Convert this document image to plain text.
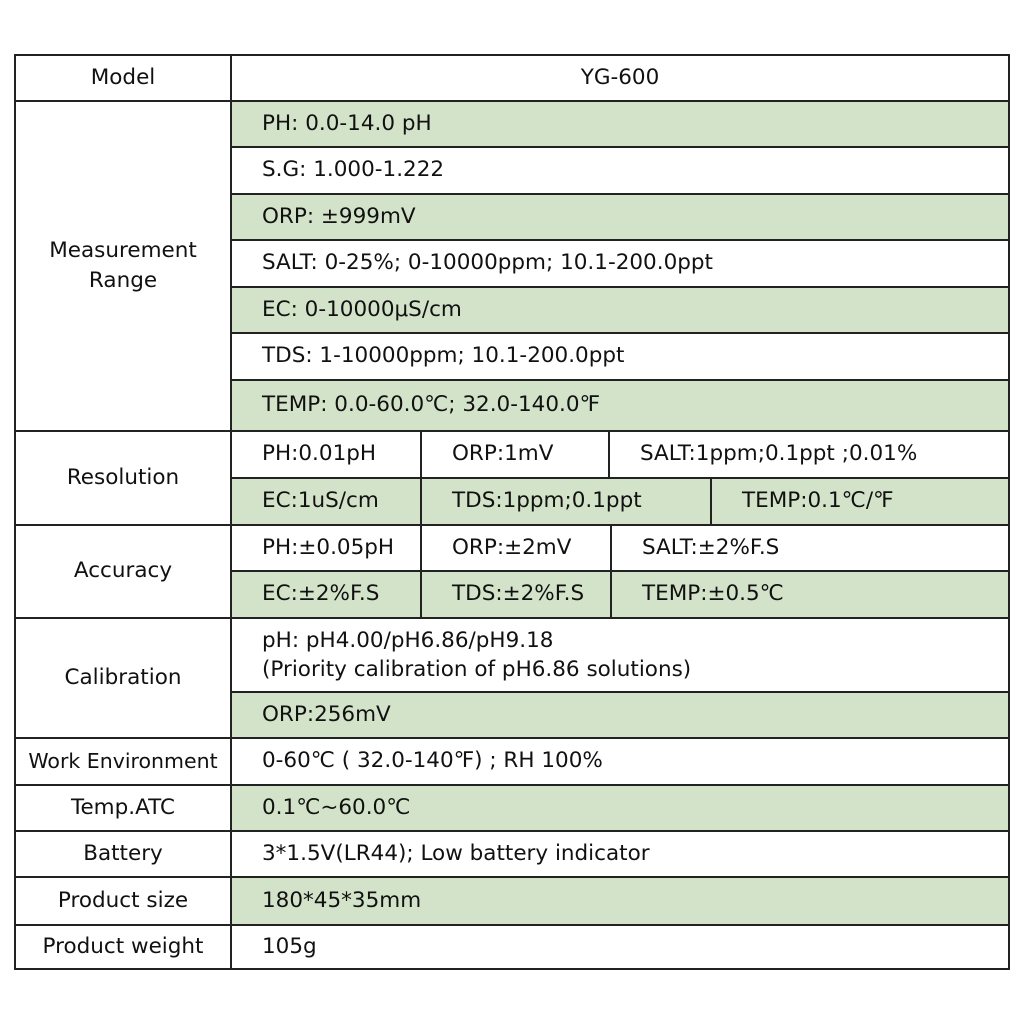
Model	YG-600
Measurement Range
PH: 0.0-14.0 pH
S.G: 1.000-1.222
ORP: ±999mV
SALT: 0-25%; 0-10000ppm; 10.1-200.0ppt
EC: 0-10000μS/cm
TDS: 1-10000ppm; 10.1-200.0ppt
TEMP: 0.0-60.0℃; 32.0-140.0℉
Resolution
PH:0.01pH	ORP:1mV	SALT:1ppm;0.1ppt ;0.01%
EC:1uS/cm	TDS:1ppm;0.1ppt	TEMP:0.1℃/℉
Accuracy
PH:±0.05pH	ORP:±2mV	SALT:±2%F.S
EC:±2%F.S	TDS:±2%F.S	TEMP:±0.5℃
Calibration
pH: pH4.00/pH6.86/pH9.18
(Priority calibration of pH6.86 solutions)
ORP:256mV
Work Environment	0-60℃ ( 32.0-140℉) ; RH 100%
Temp.ATC	0.1℃~60.0℃
Battery	3*1.5V(LR44); Low battery indicator
Product size	180*45*35mm
Product weight	105g
